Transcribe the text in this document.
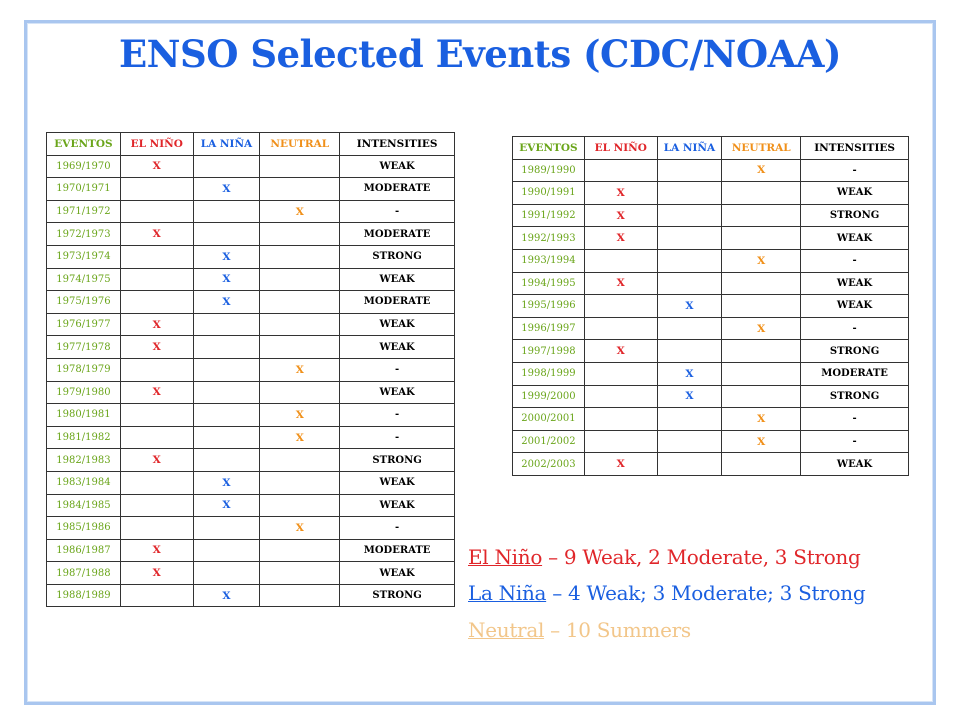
ENSO Selected Events (CDC/NOAA)
EVENTOS	EL NIÑO	LA NIÑA	NEUTRAL	INTENSITIES
1969/1970	X			WEAK
1970/1971		X		MODERATE
1971/1972			X	-
1972/1973	X			MODERATE
1973/1974		X		STRONG
1974/1975		X		WEAK
1975/1976		X		MODERATE
1976/1977	X			WEAK
1977/1978	X			WEAK
1978/1979			X	-
1979/1980	X			WEAK
1980/1981			X	-
1981/1982			X	-
1982/1983	X			STRONG
1983/1984		X		WEAK
1984/1985		X		WEAK
1985/1986			X	-
1986/1987	X			MODERATE
1987/1988	X			WEAK
1988/1989		X		STRONG
EVENTOS	EL NIÑO	LA NIÑA	NEUTRAL	INTENSITIES
1989/1990			X	-
1990/1991	X			WEAK
1991/1992	X			STRONG
1992/1993	X			WEAK
1993/1994			X	-
1994/1995	X			WEAK
1995/1996		X		WEAK
1996/1997			X	-
1997/1998	X			STRONG
1998/1999		X		MODERATE
1999/2000		X		STRONG
2000/2001			X	-
2001/2002			X	-
2002/2003	X			WEAK
El Niño – 9 Weak, 2 Moderate, 3 Strong
La Niña – 4 Weak; 3 Moderate; 3 Strong
Neutral – 10 Summers
